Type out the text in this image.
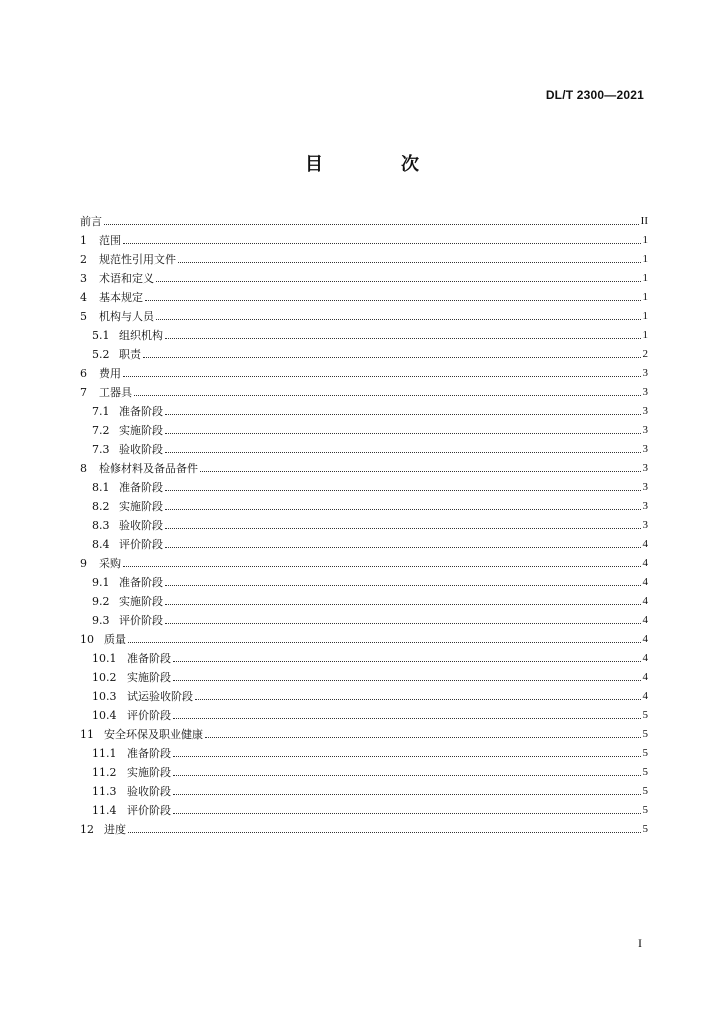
DL/T 2300—2021
目　次
前言	II
1	范围	1
2	规范性引用文件	1
3	术语和定义	1
4	基本规定	1
5	机构与人员	1
5.1 组织机构	1
5.2 职责	2
6	费用	3
7	工器具	3
7.1 准备阶段	3
7.2 实施阶段	3
7.3 验收阶段	3
8	检修材料及备品备件	3
8.1 准备阶段	3
8.2 实施阶段	3
8.3 验收阶段	3
8.4 评价阶段	4
9	采购	4
9.1 准备阶段	4
9.2 实施阶段	4
9.3 评价阶段	4
10 质量	4
10.1 准备阶段	4
10.2 实施阶段	4
10.3 试运验收阶段	4
10.4 评价阶段	5
11 安全环保及职业健康	5
11.1 准备阶段	5
11.2 实施阶段	5
11.3 验收阶段	5
11.4 评价阶段	5
12 进度	5
I
